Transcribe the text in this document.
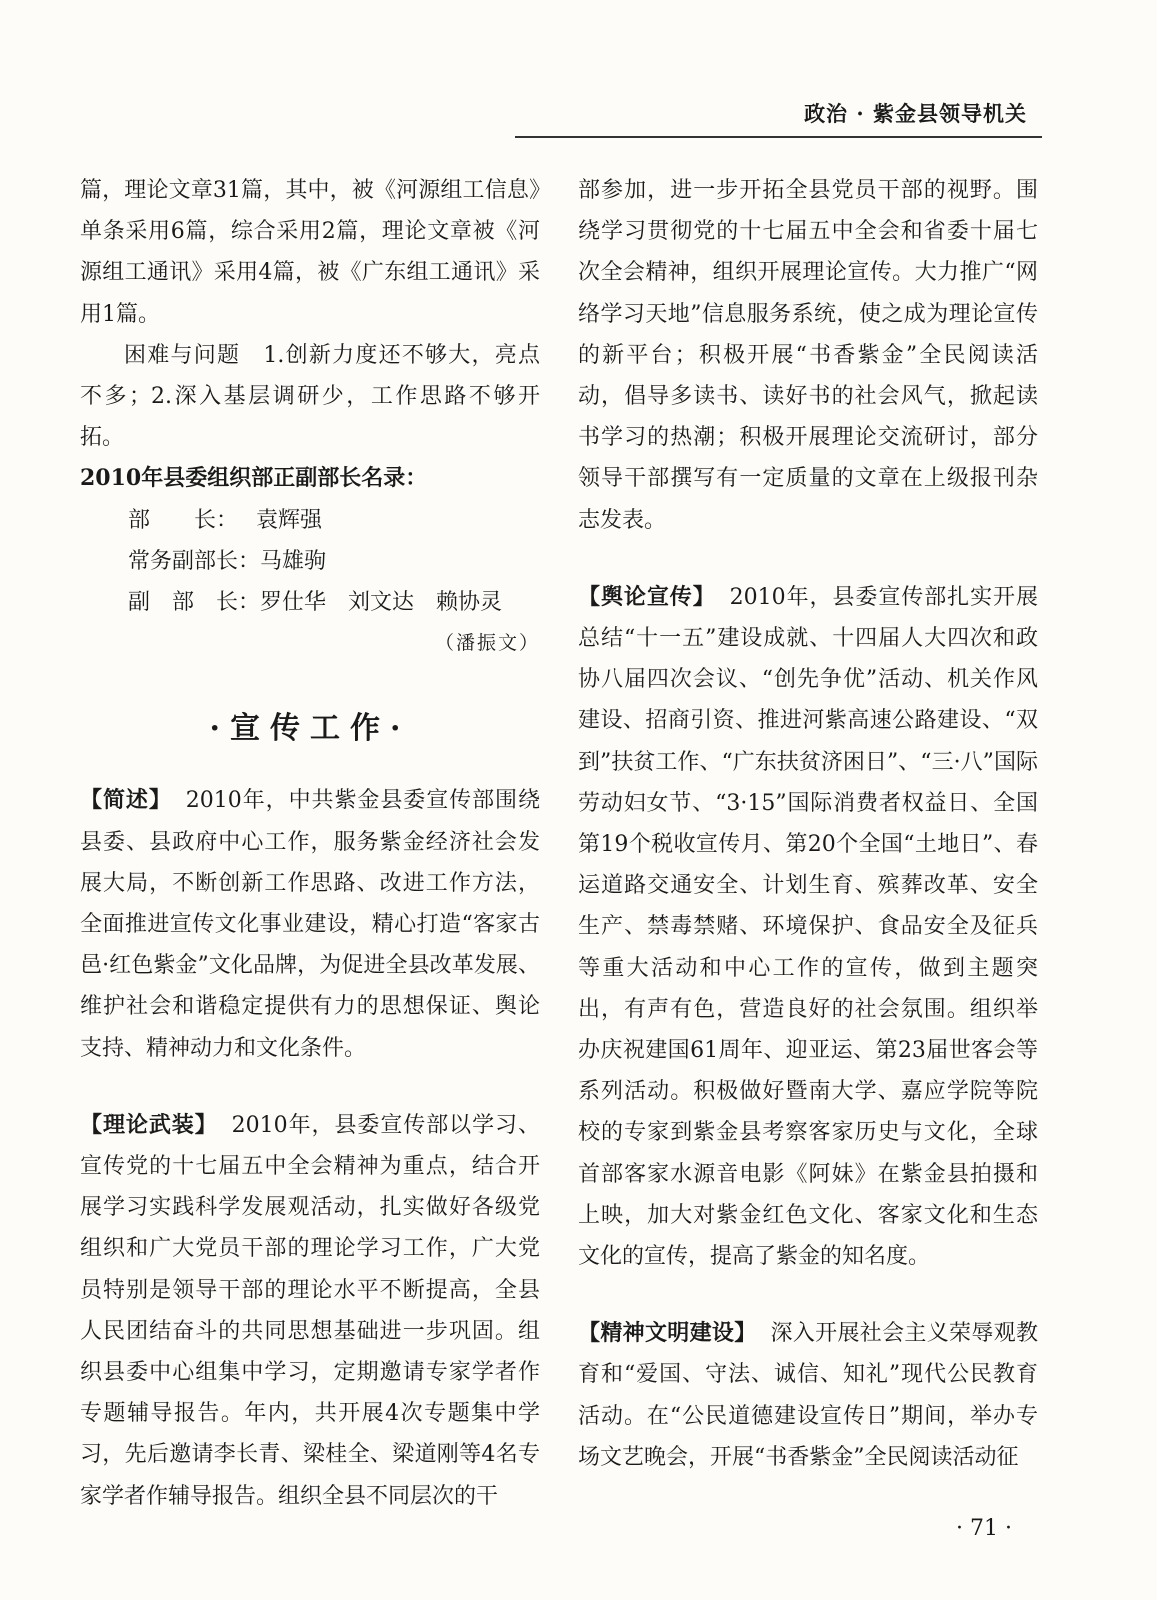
政治 · 紫金县领导机关

篇，理论文章31篇，其中，被《河源组工信息》单条采用6篇，综合采用2篇，理论文章被《河源组工通讯》采用4篇，被《广东组工通讯》采用1篇。

困难与问题　1.创新力度还不够大，亮点不多；2.深入基层调研少，工作思路不够开拓。

2010年县委组织部正副部长名录：

部　　长： 袁辉强

常务副部长：马雄驹

副　部　长：罗仕华　刘文达　赖协灵

（潘振文）

·宣传工作·

【简述】 2010年，中共紫金县委宣传部围绕县委、县政府中心工作，服务紫金经济社会发展大局，不断创新工作思路、改进工作方法，全面推进宣传文化事业建设，精心打造“客家古邑·红色紫金”文化品牌，为促进全县改革发展、维护社会和谐稳定提供有力的思想保证、舆论支持、精神动力和文化条件。

【理论武装】 2010年，县委宣传部以学习、宣传党的十七届五中全会精神为重点，结合开展学习实践科学发展观活动，扎实做好各级党组织和广大党员干部的理论学习工作，广大党员特别是领导干部的理论水平不断提高，全县人民团结奋斗的共同思想基础进一步巩固。组织县委中心组集中学习，定期邀请专家学者作专题辅导报告。年内，共开展4次专题集中学习，先后邀请李长青、梁桂全、梁道刚等4名专家学者作辅导报告。组织全县不同层次的干

部参加，进一步开拓全县党员干部的视野。围绕学习贯彻党的十七届五中全会和省委十届七次全会精神，组织开展理论宣传。大力推广“网络学习天地”信息服务系统，使之成为理论宣传的新平台；积极开展“书香紫金”全民阅读活动，倡导多读书、读好书的社会风气，掀起读书学习的热潮；积极开展理论交流研讨，部分领导干部撰写有一定质量的文章在上级报刊杂志发表。

【舆论宣传】 2010年，县委宣传部扎实开展总结“十一五”建设成就、十四届人大四次和政协八届四次会议、“创先争优”活动、机关作风建设、招商引资、推进河紫高速公路建设、“双到”扶贫工作、“广东扶贫济困日”、“三·八”国际劳动妇女节、“3·15”国际消费者权益日、全国第19个税收宣传月、第20个全国“土地日”、春运道路交通安全、计划生育、殡葬改革、安全生产、禁毒禁赌、环境保护、食品安全及征兵等重大活动和中心工作的宣传，做到主题突出，有声有色，营造良好的社会氛围。组织举办庆祝建国61周年、迎亚运、第23届世客会等系列活动。积极做好暨南大学、嘉应学院等院校的专家到紫金县考察客家历史与文化，全球首部客家水源音电影《阿妹》在紫金县拍摄和上映，加大对紫金红色文化、客家文化和生态文化的宣传，提高了紫金的知名度。

【精神文明建设】 深入开展社会主义荣辱观教育和“爱国、守法、诚信、知礼”现代公民教育活动。在“公民道德建设宣传日”期间，举办专场文艺晚会，开展“书香紫金”全民阅读活动征

· 71 ·
